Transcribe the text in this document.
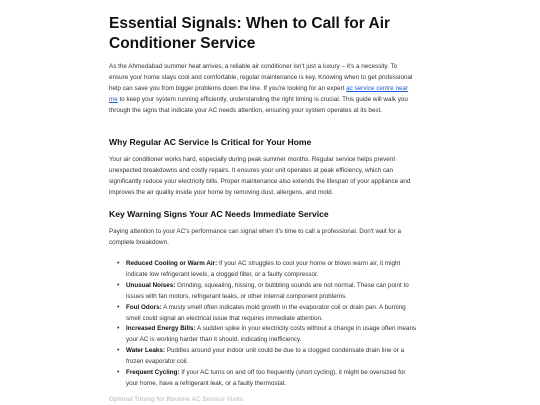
Essential Signals: When to Call for Air Conditioner Service

As the Ahmedabad summer heat arrives, a reliable air conditioner isn't just a luxury – it's a necessity. To ensure your home stays cool and comfortable, regular maintenance is key. Knowing when to get professional help can save you from bigger problems down the line. If you're looking for an expert ac service centre near me to keep your system running efficiently, understanding the right timing is crucial. This guide will walk you through the signs that indicate your AC needs attention, ensuring your system operates at its best.

Why Regular AC Service Is Critical for Your Home

Your air conditioner works hard, especially during peak summer months. Regular service helps prevent unexpected breakdowns and costly repairs. It ensures your unit operates at peak efficiency, which can significantly reduce your electricity bills. Proper maintenance also extends the lifespan of your appliance and improves the air quality inside your home by removing dust, allergens, and mold.

Key Warning Signs Your AC Needs Immediate Service

Paying attention to your AC's performance can signal when it's time to call a professional. Don't wait for a complete breakdown.

• Reduced Cooling or Warm Air: If your AC struggles to cool your home or blows warm air, it might indicate low refrigerant levels, a clogged filter, or a faulty compressor.
• Unusual Noises: Grinding, squealing, hissing, or bubbling sounds are not normal. These can point to issues with fan motors, refrigerant leaks, or other internal component problems.
• Foul Odors: A musty smell often indicates mold growth in the evaporator coil or drain pan. A burning smell could signal an electrical issue that requires immediate attention.
• Increased Energy Bills: A sudden spike in your electricity costs without a change in usage often means your AC is working harder than it should, indicating inefficiency.
• Water Leaks: Puddles around your indoor unit could be due to a clogged condensate drain line or a frozen evaporator coil.
• Frequent Cycling: If your AC turns on and off too frequently (short cycling), it might be oversized for your home, have a refrigerant leak, or a faulty thermostat.
Optimal Timing for Routine AC Service Visits
